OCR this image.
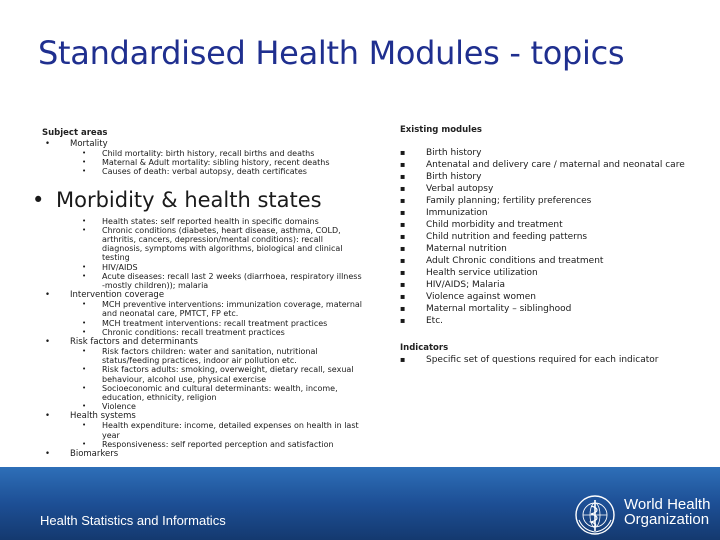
Standardised Health Modules - topics
Subject areas
• Mortality
• Child mortality: birth history, recall births and deaths
• Maternal & Adult mortality: sibling history, recent deaths
• Causes of death: verbal autopsy, death certificates
• Morbidity & health states
• Health states: self reported health in specific domains
• Chronic conditions (diabetes, heart disease, asthma, COLD, arthritis, cancers, depression/mental conditions): recall diagnosis, symptoms with algorithms, biological and clinical testing
• HIV/AIDS
• Acute diseases: recall last 2 weeks (diarrhoea, respiratory illness -mostly children)); malaria
• Intervention coverage
• MCH preventive interventions: immunization coverage, maternal and neonatal care, PMTCT, FP etc.
• MCH treatment interventions: recall treatment practices
• Chronic conditions: recall treatment practices
• Risk factors and determinants
• Risk factors children: water and sanitation, nutritional status/feeding practices, indoor air pollution etc.
• Risk factors adults: smoking, overweight, dietary recall, sexual behaviour, alcohol use, physical exercise
• Socioeconomic and cultural determinants: wealth, income, education, ethnicity, religion
• Violence
• Health systems
• Health expenditure: income, detailed expenses on health in last year
• Responsiveness: self reported perception and satisfaction
• Biomarkers
Existing modules
▪ Birth history
▪ Antenatal and delivery care / maternal and neonatal care
▪ Birth history
▪ Verbal autopsy
▪ Family planning; fertility preferences
▪ Immunization
▪ Child morbidity and treatment
▪ Child nutrition and feeding patterns
▪ Maternal nutrition
▪ Adult Chronic conditions and treatment
▪ Health service utilization
▪ HIV/AIDS; Malaria
▪ Violence against women
▪ Maternal mortality – siblinghood
▪ Etc.
Indicators
▪ Specific set of questions required for each indicator
Health Statistics and Informatics
World Health
Organization
